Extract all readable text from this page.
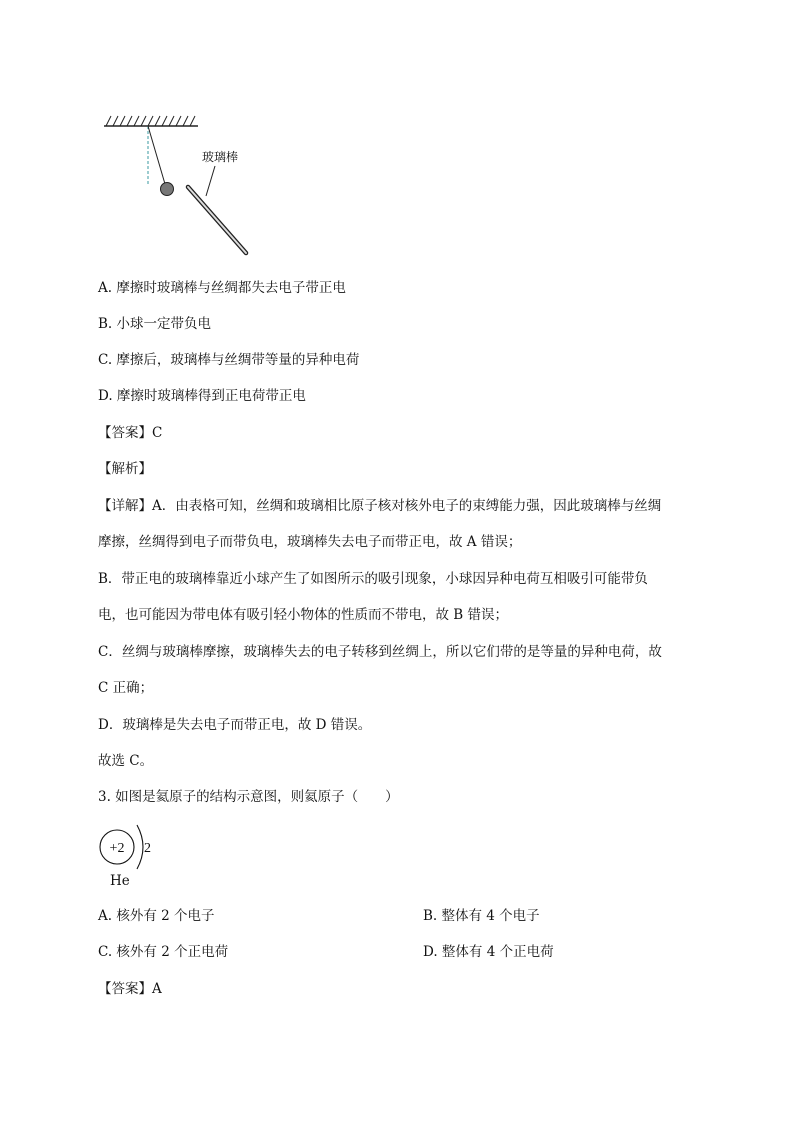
玻璃棒
A. 摩擦时玻璃棒与丝绸都失去电子带正电
B. 小球一定带负电
C. 摩擦后，玻璃棒与丝绸带等量的异种电荷
D. 摩擦时玻璃棒得到正电荷带正电
【答案】C
【解析】
【详解】A．由表格可知，丝绸和玻璃相比原子核对核外电子的束缚能力强，因此玻璃棒与丝绸
摩擦，丝绸得到电子而带负电，玻璃棒失去电子而带正电，故 A 错误；
B．带正电的玻璃棒靠近小球产生了如图所示的吸引现象，小球因异种电荷互相吸引可能带负
电，也可能因为带电体有吸引轻小物体的性质而不带电，故 B 错误；
C．丝绸与玻璃棒摩擦，玻璃棒失去的电子转移到丝绸上，所以它们带的是等量的异种电荷，故
C 正确；
D．玻璃棒是失去电子而带正电，故 D 错误。
故选 C。
3. 如图是氦原子的结构示意图，则氦原子（　　）
+2 2
He
A. 核外有 2 个电子	B. 整体有 4 个电子
C. 核外有 2 个正电荷	D. 整体有 4 个正电荷
【答案】A
